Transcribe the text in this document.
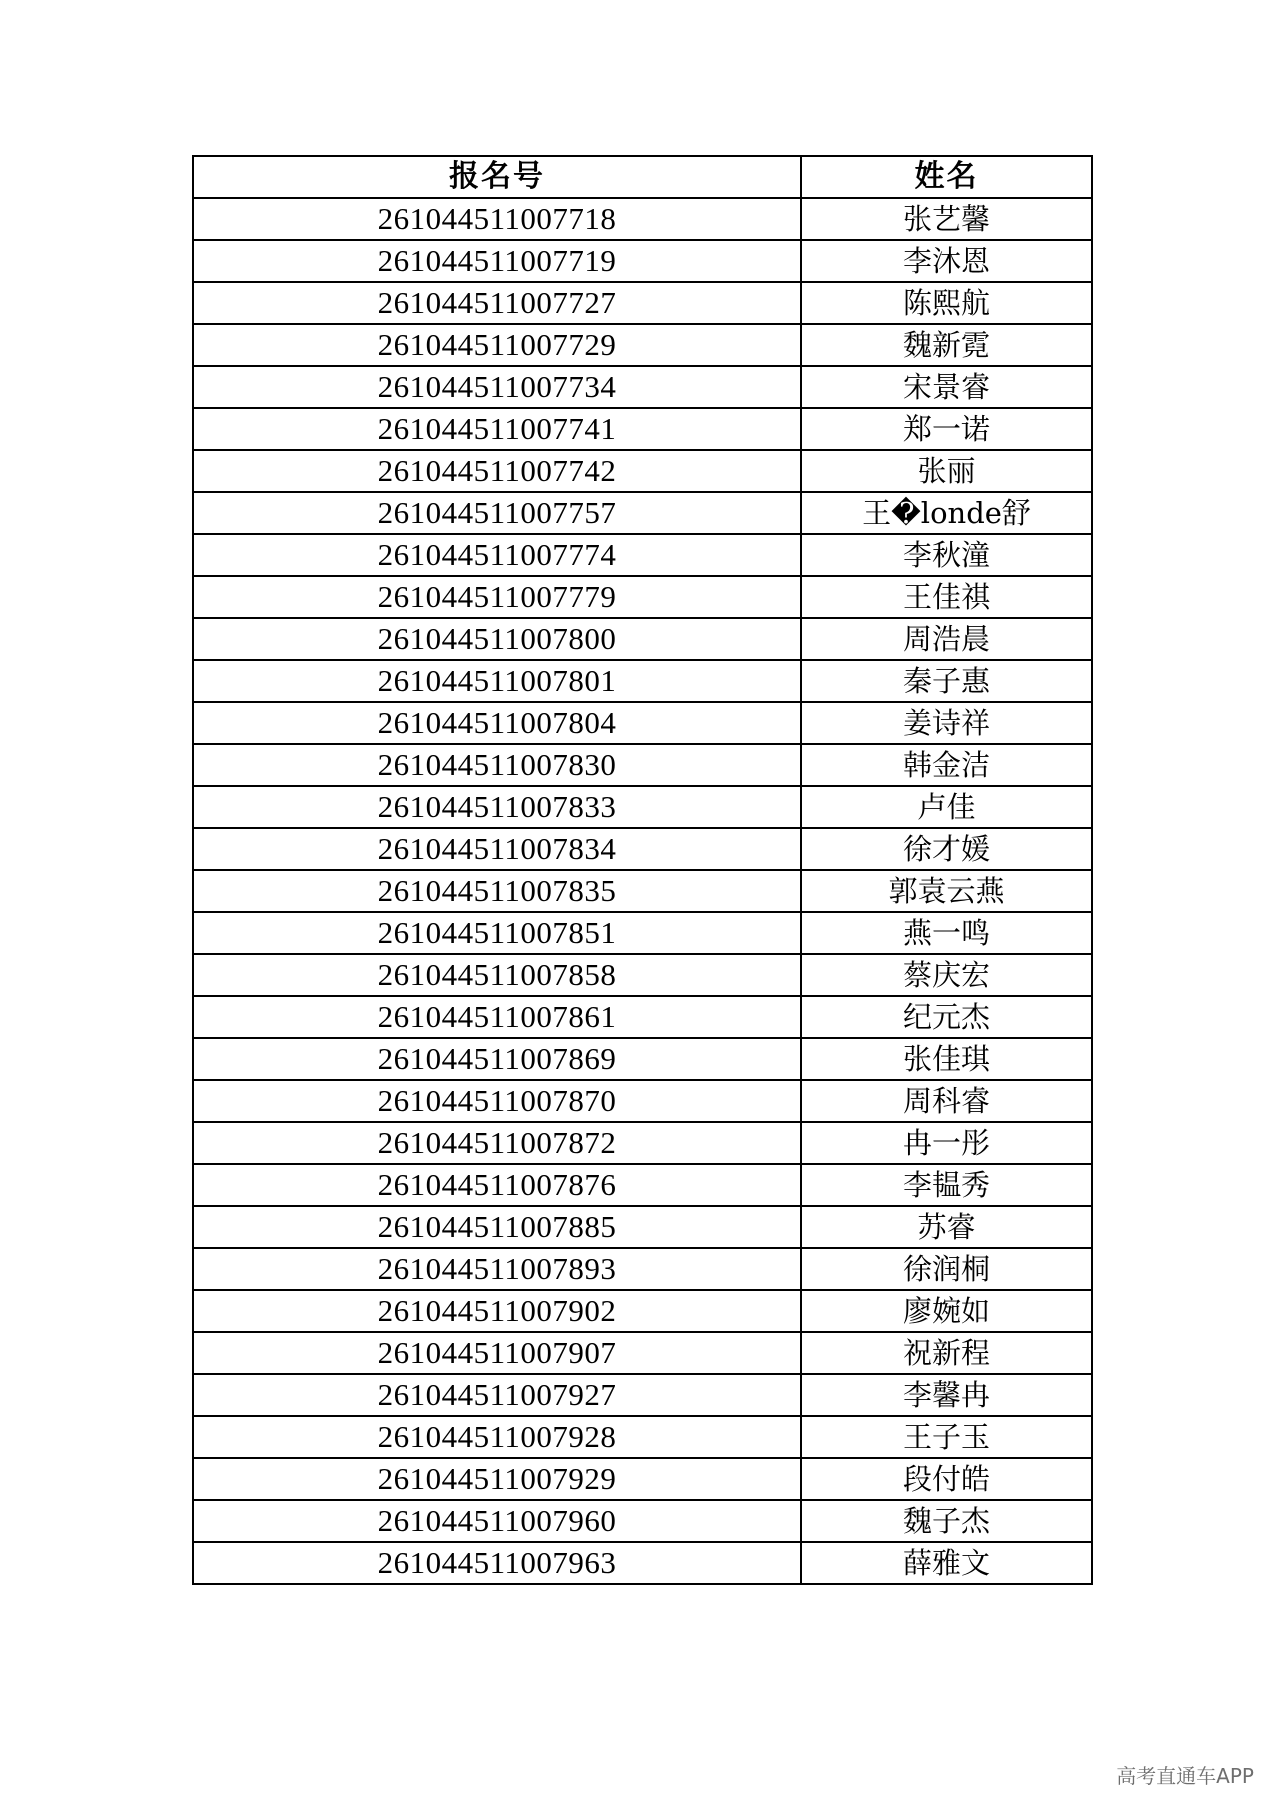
报名号	姓名
261044511007718	张艺馨
261044511007719	李沐恩
261044511007727	陈熙航
261044511007729	魏新霓
261044511007734	宋景睿
261044511007741	郑一诺
261044511007742	张丽
261044511007757	王�londe舒
261044511007774	李秋潼
261044511007779	王佳祺
261044511007800	周浩晨
261044511007801	秦子惠
261044511007804	姜诗祥
261044511007830	韩金洁
261044511007833	卢佳
261044511007834	徐才媛
261044511007835	郭袁云燕
261044511007851	燕一鸣
261044511007858	蔡庆宏
261044511007861	纪元杰
261044511007869	张佳琪
261044511007870	周科睿
261044511007872	冉一彤
261044511007876	李韫秀
261044511007885	苏睿
261044511007893	徐润桐
261044511007902	廖婉如
261044511007907	祝新程
261044511007927	李馨冉
261044511007928	王子玉
261044511007929	段付皓
261044511007960	魏子杰
261044511007963	薛雅文
高考直通车APP
